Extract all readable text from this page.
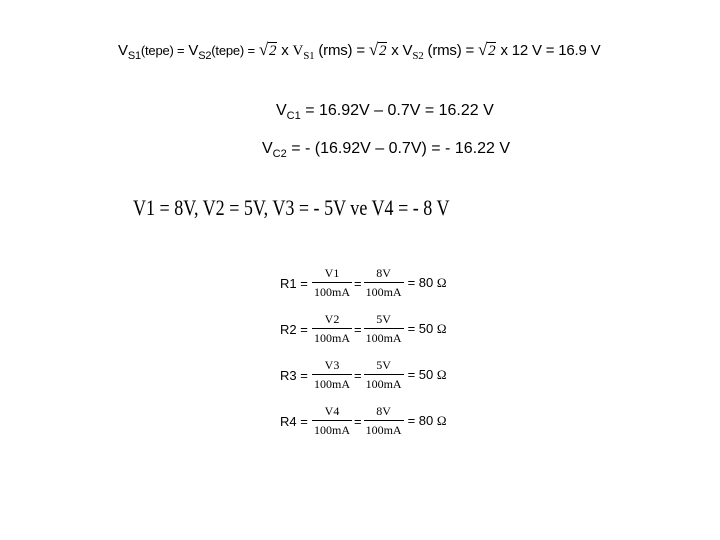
$V_{S1}(tepe)$ = $V_{S2}(tepe) = √2$ x $V_{S1}$ (rms) = √2 x $V_{S2}$ (rms) = √2 x 12 V = 16.9 V
$V_{C1} = 16.92V - 0.7V = 16.22$ V
$V_{C2}$ = - (16.92V – 0.7V) = - 16.22 V
V1 = 8V, V2 = 5V, V3 = - 5V ve V4 = - 8 V
$R1 = \frac{V1}{100mA} = \frac{8V}{100mA} = 80$ Ω
$R2 = \frac{V2}{100mA} = \frac{5V}{100mA} = 50$ Ω
$R3 = \frac{V3}{100mA} = \frac{5V}{100mA} = 50$ Ω
$R4 = \frac{V4}{100mA} = \frac{8V}{100mA} = 80$ Ω
